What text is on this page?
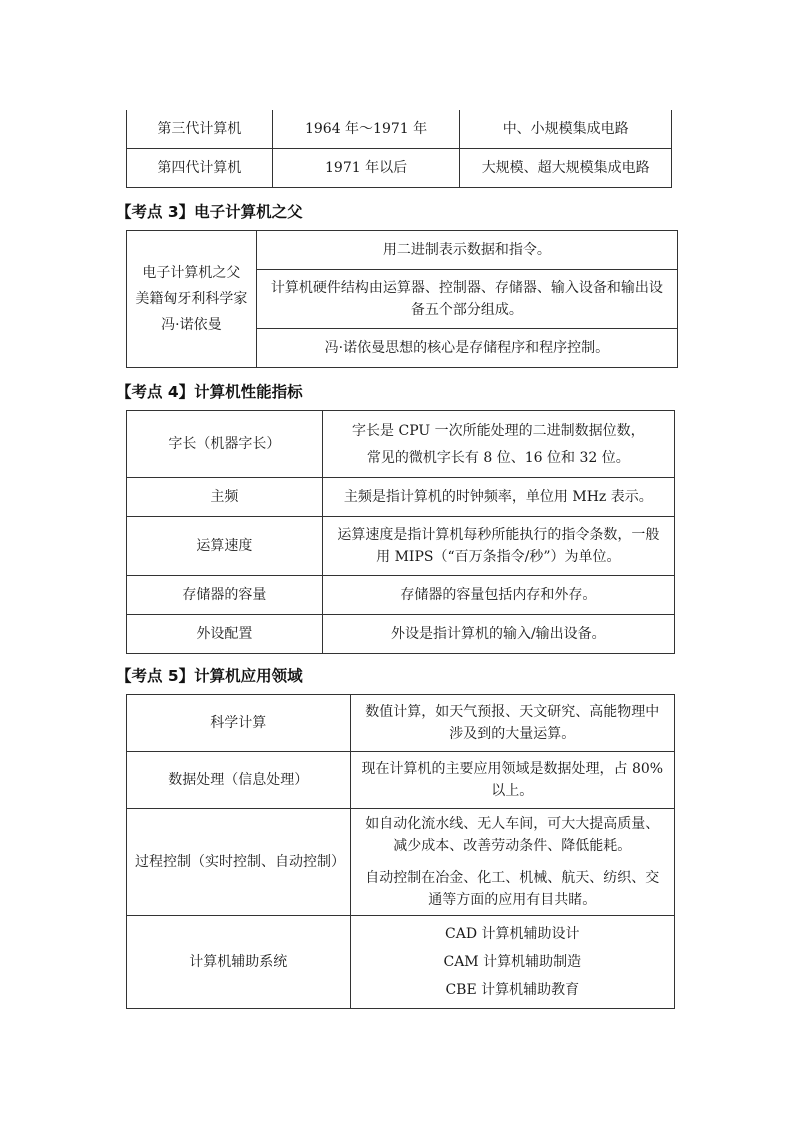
第三代计算机	1964 年～1971 年	中、小规模集成电路
第四代计算机	1971 年以后	大规模、超大规模集成电路
【考点 3】电子计算机之父
电子计算机之父
美籍匈牙利科学家
冯·诺依曼
	用二进制表示数据和指令。
计算机硬件结构由运算器、控制器、存储器、输入设备和输出设备五个部分组成。
冯·诺依曼思想的核心是存储程序和程序控制。
【考点 4】计算机性能指标
字长（机器字长）	字长是 CPU 一次所能处理的二进制数据位数，
常见的微机字长有 8 位、16 位和 32 位。

主频	主频是指计算机的时钟频率，单位用 MHz 表示。
运算速度	运算速度是指计算机每秒所能执行的指令条数，一般用 MIPS（“百万条指令/秒”）为单位。
存储器的容量	存储器的容量包括内存和外存。
外设配置	外设是指计算机的输入/输出设备。
【考点 5】计算机应用领域
科学计算	数值计算，如天气预报、天文研究、高能物理中涉及到的大量运算。
数据处理（信息处理）	现在计算机的主要应用领域是数据处理，占 80%以上。
过程控制（实时控制、自动控制）	如自动化流水线、无人车间，可大大提高质量、减少成本、改善劳动条件、降低能耗。
自动控制在冶金、化工、机械、航天、纺织、交通等方面的应用有目共睹。

计算机辅助系统	CAD 计算机辅助设计
CAM 计算机辅助制造
CBE 计算机辅助教育
